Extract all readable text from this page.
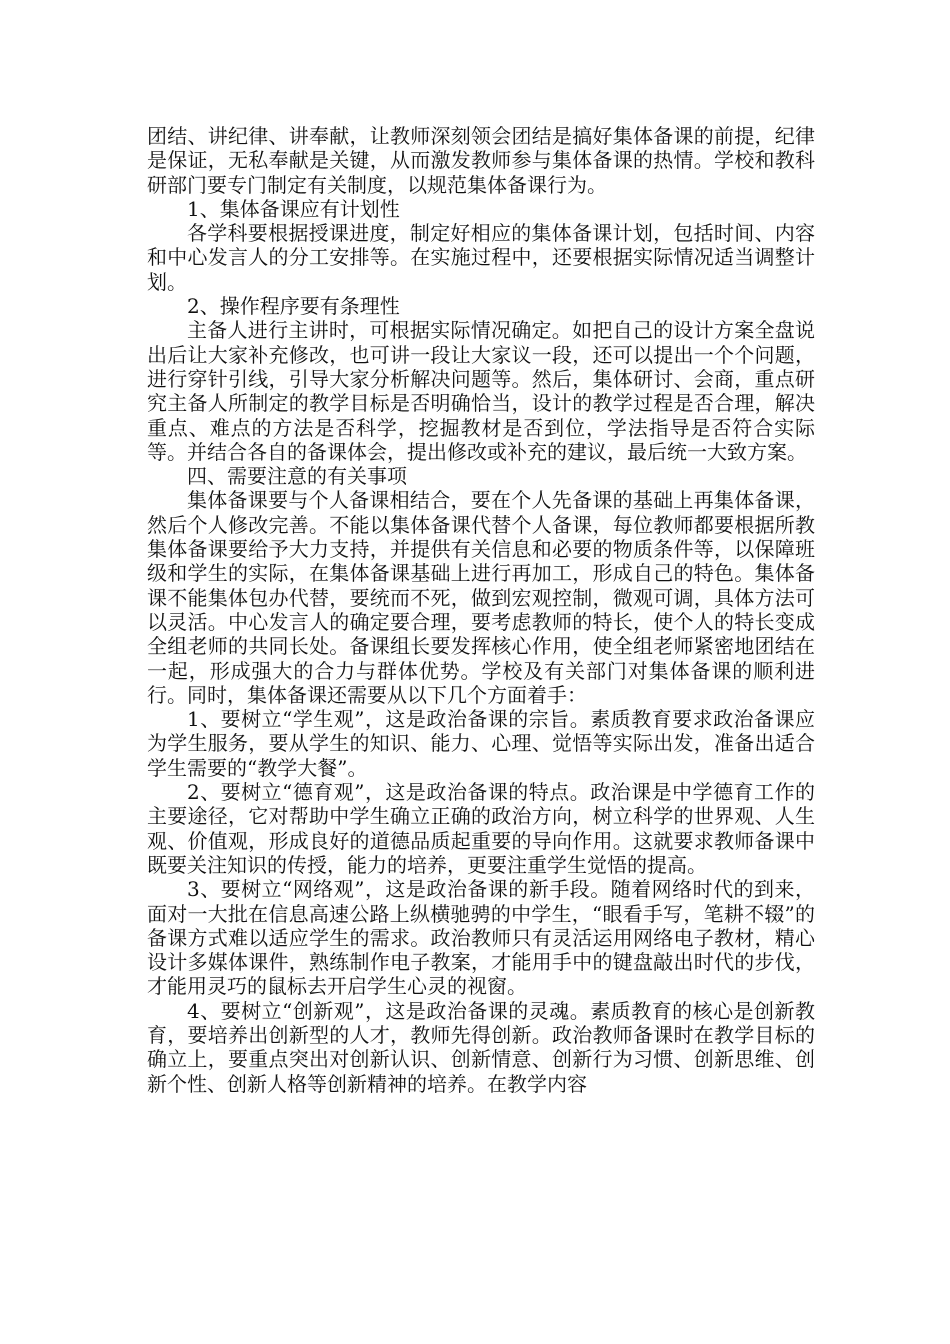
团结、讲纪律、讲奉献，让教师深刻领会团结是搞好集体备课的前提，纪律是保证，无私奉献是关键，从而激发教师参与集体备课的热情。学校和教科研部门要专门制定有关制度，以规范集体备课行为。

1、集体备课应有计划性

各学科要根据授课进度，制定好相应的集体备课计划，包括时间、内容和中心发言人的分工安排等。在实施过程中，还要根据实际情况适当调整计划。

2、操作程序要有条理性

主备人进行主讲时，可根据实际情况确定。如把自己的设计方案全盘说出后让大家补充修改，也可讲一段让大家议一段，还可以提出一个个问题，进行穿针引线，引导大家分析解决问题等。然后，集体研讨、会商，重点研究主备人所制定的教学目标是否明确恰当，设计的教学过程是否合理，解决重点、难点的方法是否科学，挖掘教材是否到位，学法指导是否符合实际等。并结合各自的备课体会，提出修改或补充的建议，最后统一大致方案。

四、需要注意的有关事项

集体备课要与个人备课相结合，要在个人先备课的基础上再集体备课，然后个人修改完善。不能以集体备课代替个人备课，每位教师都要根据所教集体备课要给予大力支持，并提供有关信息和必要的物质条件等，以保障班级和学生的实际，在集体备课基础上进行再加工，形成自己的特色。集体备课不能集体包办代替，要统而不死，做到宏观控制，微观可调，具体方法可以灵活。中心发言人的确定要合理，要考虑教师的特长，使个人的特长变成全组老师的共同长处。备课组长要发挥核心作用，使全组老师紧密地团结在一起，形成强大的合力与群体优势。学校及有关部门对集体备课的顺利进行。同时，集体备课还需要从以下几个方面着手：

1、要树立“学生观”，这是政治备课的宗旨。素质教育要求政治备课应为学生服务，要从学生的知识、能力、心理、觉悟等实际出发，准备出适合学生需要的“教学大餐”。

2、要树立“德育观”，这是政治备课的特点。政治课是中学德育工作的主要途径，它对帮助中学生确立正确的政治方向，树立科学的世界观、人生观、价值观，形成良好的道德品质起重要的导向作用。这就要求教师备课中既要关注知识的传授，能力的培养，更要注重学生觉悟的提高。

3、要树立“网络观”，这是政治备课的新手段。随着网络时代的到来，面对一大批在信息高速公路上纵横驰骋的中学生，“眼看手写，笔耕不辍”的备课方式难以适应学生的需求。政治教师只有灵活运用网络电子教材，精心设计多媒体课件，熟练制作电子教案，才能用手中的键盘敲出时代的步伐，才能用灵巧的鼠标去开启学生心灵的视窗。

4、要树立“创新观”，这是政治备课的灵魂。素质教育的核心是创新教育，要培养出创新型的人才，教师先得创新。政治教师备课时在教学目标的确立上，要重点突出对创新认识、创新情意、创新行为习惯、创新思维、创新个性、创新人格等创新精神的培养。在教学内容
